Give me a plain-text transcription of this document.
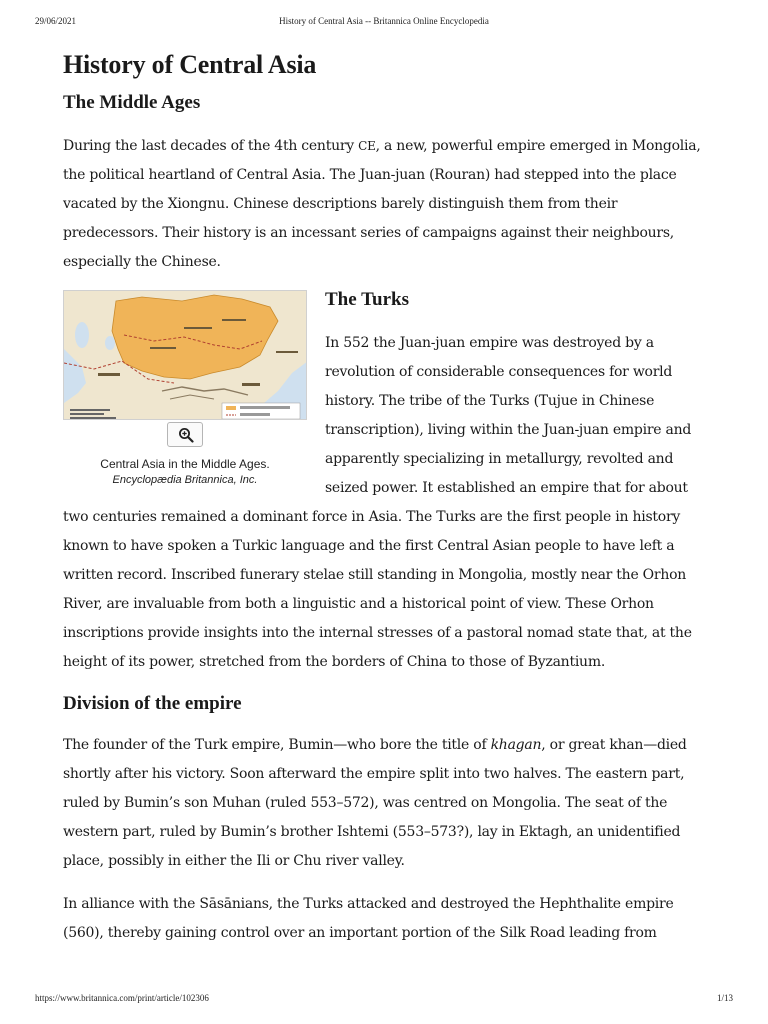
29/06/2021	History of Central Asia -- Britannica Online Encyclopedia
History of Central Asia
The Middle Ages

During the last decades of the 4th century CE, a new, powerful empire emerged in Mongolia, the political heartland of Central Asia. The Juan-juan (Rouran) had stepped into the place vacated by the Xiongnu. Chinese descriptions barely distinguish them from their predecessors. Their history is an incessant series of campaigns against their neighbours, especially the Chinese.

Central Asia in the Middle Ages.
Encyclopædia Britannica, Inc.
The Turks

In 552 the Juan-juan empire was destroyed by a revolution of considerable consequences for world history. The tribe of the Turks (Tujue in Chinese transcription), living within the Juan-juan empire and apparently specializing in metallurgy, revolted and seized power. It established an empire that for about two centuries remained a dominant force in Asia. The Turks are the first people in history known to have spoken a Turkic language and the first Central Asian people to have left a written record. Inscribed funerary stelae still standing in Mongolia, mostly near the Orhon River, are invaluable from both a linguistic and a historical point of view. These Orhon inscriptions provide insights into the internal stresses of a pastoral nomad state that, at the height of its power, stretched from the borders of China to those of Byzantium.

Division of the empire

The founder of the Turk empire, Bumin—who bore the title of khagan, or great khan—died shortly after his victory. Soon afterward the empire split into two halves. The eastern part, ruled by Bumin’s son Muhan (ruled 553–572), was centred on Mongolia. The seat of the western part, ruled by Bumin’s brother Ishtemi (553–573?), lay in Ektagh, an unidentified place, possibly in either the Ili or Chu river valley.

In alliance with the Sāsānians, the Turks attacked and destroyed the Hephthalite empire (560), thereby gaining control over an important portion of the Silk Road leading from

https://www.britannica.com/print/article/102306	1/13
